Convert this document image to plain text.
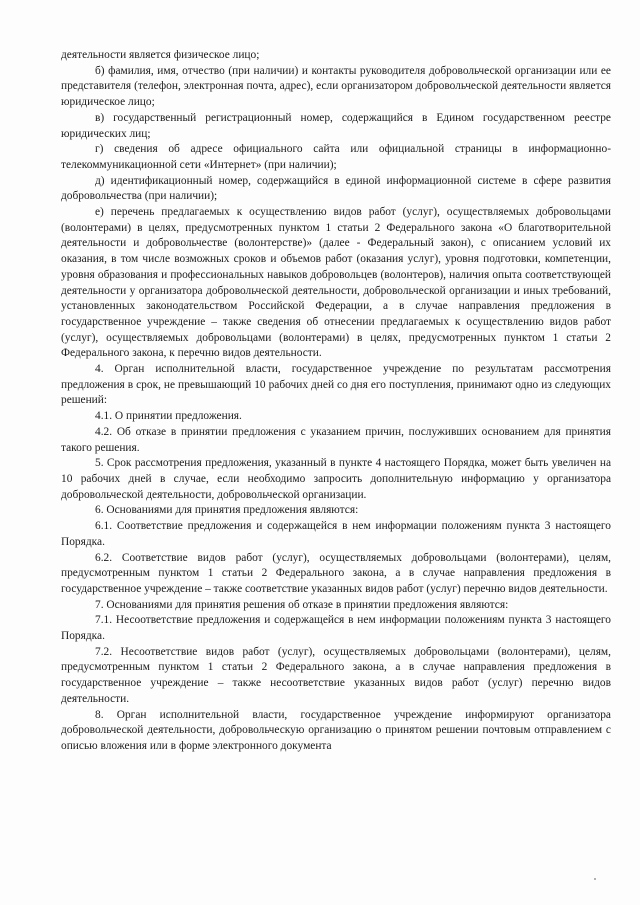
деятельности является физическое лицо;

б) фамилия, имя, отчество (при наличии) и контакты руководителя добровольческой организации или ее представителя (телефон, электронная почта, адрес), если организатором добровольческой деятельности является юридическое лицо;

в) государственный регистрационный номер, содержащийся в Едином государственном реестре юридических лиц;

г) сведения об адресе официального сайта или официальной страницы в информационно-телекоммуникационной сети «Интернет» (при наличии);

д) идентификационный номер, содержащийся в единой информационной системе в сфере развития добровольчества (при наличии);

е) перечень предлагаемых к осуществлению видов работ (услуг), осуществляемых добровольцами (волонтерами) в целях, предусмотренных пунктом 1 статьи 2 Федерального закона «О благотворительной деятельности и добровольчестве (волонтерстве)» (далее - Федеральный закон), с описанием условий их оказания, в том числе возможных сроков и объемов работ (оказания услуг), уровня подготовки, компетенции, уровня образования и профессиональных навыков добровольцев (волонтеров), наличия опыта соответствующей деятельности у организатора добровольческой деятельности, добровольческой организации и иных требований, установленных законодательством Российской Федерации, а в случае направления предложения в государственное учреждение – также сведения об отнесении предлагаемых к осуществлению видов работ (услуг), осуществляемых добровольцами (волонтерами) в целях, предусмотренных пунктом 1 статьи 2 Федерального закона, к перечню видов деятельности.

4. Орган исполнительной власти, государственное учреждение по результатам рассмотрения предложения в срок, не превышающий 10 рабочих дней со дня его поступления, принимают одно из следующих решений:

4.1. О принятии предложения.

4.2. Об отказе в принятии предложения с указанием причин, послуживших основанием для принятия такого решения.

5. Срок рассмотрения предложения, указанный в пункте 4 настоящего Порядка, может быть увеличен на 10 рабочих дней в случае, если необходимо запросить дополнительную информацию у организатора добровольческой деятельности, добровольческой организации.

6. Основаниями для принятия предложения являются:

6.1. Соответствие предложения и содержащейся в нем информации положениям пункта 3 настоящего Порядка.

6.2. Соответствие видов работ (услуг), осуществляемых добровольцами (волонтерами), целям, предусмотренным пунктом 1 статьи 2 Федерального закона, а в случае направления предложения в государственное учреждение – также соответствие указанных видов работ (услуг) перечню видов деятельности.

7. Основаниями для принятия решения об отказе в принятии предложения являются:

7.1. Несоответствие предложения и содержащейся в нем информации положениям пункта 3 настоящего Порядка.

7.2. Несоответствие видов работ (услуг), осуществляемых добровольцами (волонтерами), целям, предусмотренным пунктом 1 статьи 2 Федерального закона, а в случае направления предложения в государственное учреждение – также несоответствие указанных видов работ (услуг) перечню видов деятельности.

8. Орган исполнительной власти, государственное учреждение информируют организатора добровольческой деятельности, добровольческую организацию о принятом решении почтовым отправлением с описью вложения или в форме электронного документа
